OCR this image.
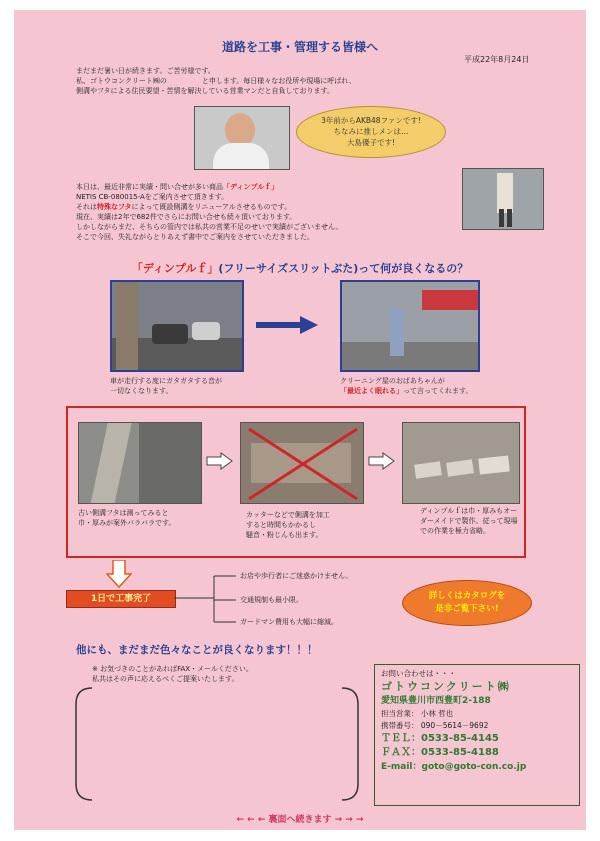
道路を工事・管理する皆様へ
平成22年8月24日
まだまだ暑い日が続きます。ご苦労様です。
私、ゴトウコンクリート㈱の　　　　　と申します。毎日様々なお役所や現場に呼ばれ、
側溝やフタによる住民要望・苦情を解決している営業マンだと自負しております。
3年前からAKB48ファンです!
ちなみに推しメンは…
大島優子です!
本日は、最近非常に実績・問い合せが多い商品「ディンプルｆ」
NETIS CB-080015-Aをご案内させて頂きます。
それは特殊なフタによって既設側溝をリニューアルさせるものです。
現在、実績は2年で682件でさらにお問い合せも続々頂いております。
しかしながらまだ、そちらの管内では私共の営業不足のせいで実績がございません。
そこで今回、失礼ながらとりあえず書中でご案内をさせていただきました。
「ディンプルｆ」(フリーサイズスリットぶた)って何が良くなるの？
車が走行する度にガタガタする音が
一切なくなります。
クリーニング屋のおばあちゃんが
「最近よく眠れる」って言ってくれます。
古い側溝フタは測ってみると
巾・厚みが案外バラバラです。
カッターなどで側溝を加工
すると時間もかかるし
騒音・粉じんも出ます。
ディンプルｆは巾・厚みもオー
ダーメイドで製作。従って現場
での作業を極力省略。
1日で工事完了
お店や歩行者にご迷惑かけません。
交通規制も最小限。
ガードマン費用も大幅に縮減。
詳しくはカタログを
是非ご覧下さい!
他にも、まだまだ色々なことが良くなります！！！
※ お気づきのことがあればFAX・メールください。
私共はその声に応えるべくご提案いたします。
お問い合わせは・・・
ゴトウコンクリート㈱
愛知県豊川市西豊町2-188
担当営業： 小林 哲也
携帯番号： 090－5614－9692
ＴＥＬ：0533-85-4145
ＦＡＸ：0533-85-4188
E-mail：goto@goto-con.co.jp
← ← ← 裏面へ続きます → → →
